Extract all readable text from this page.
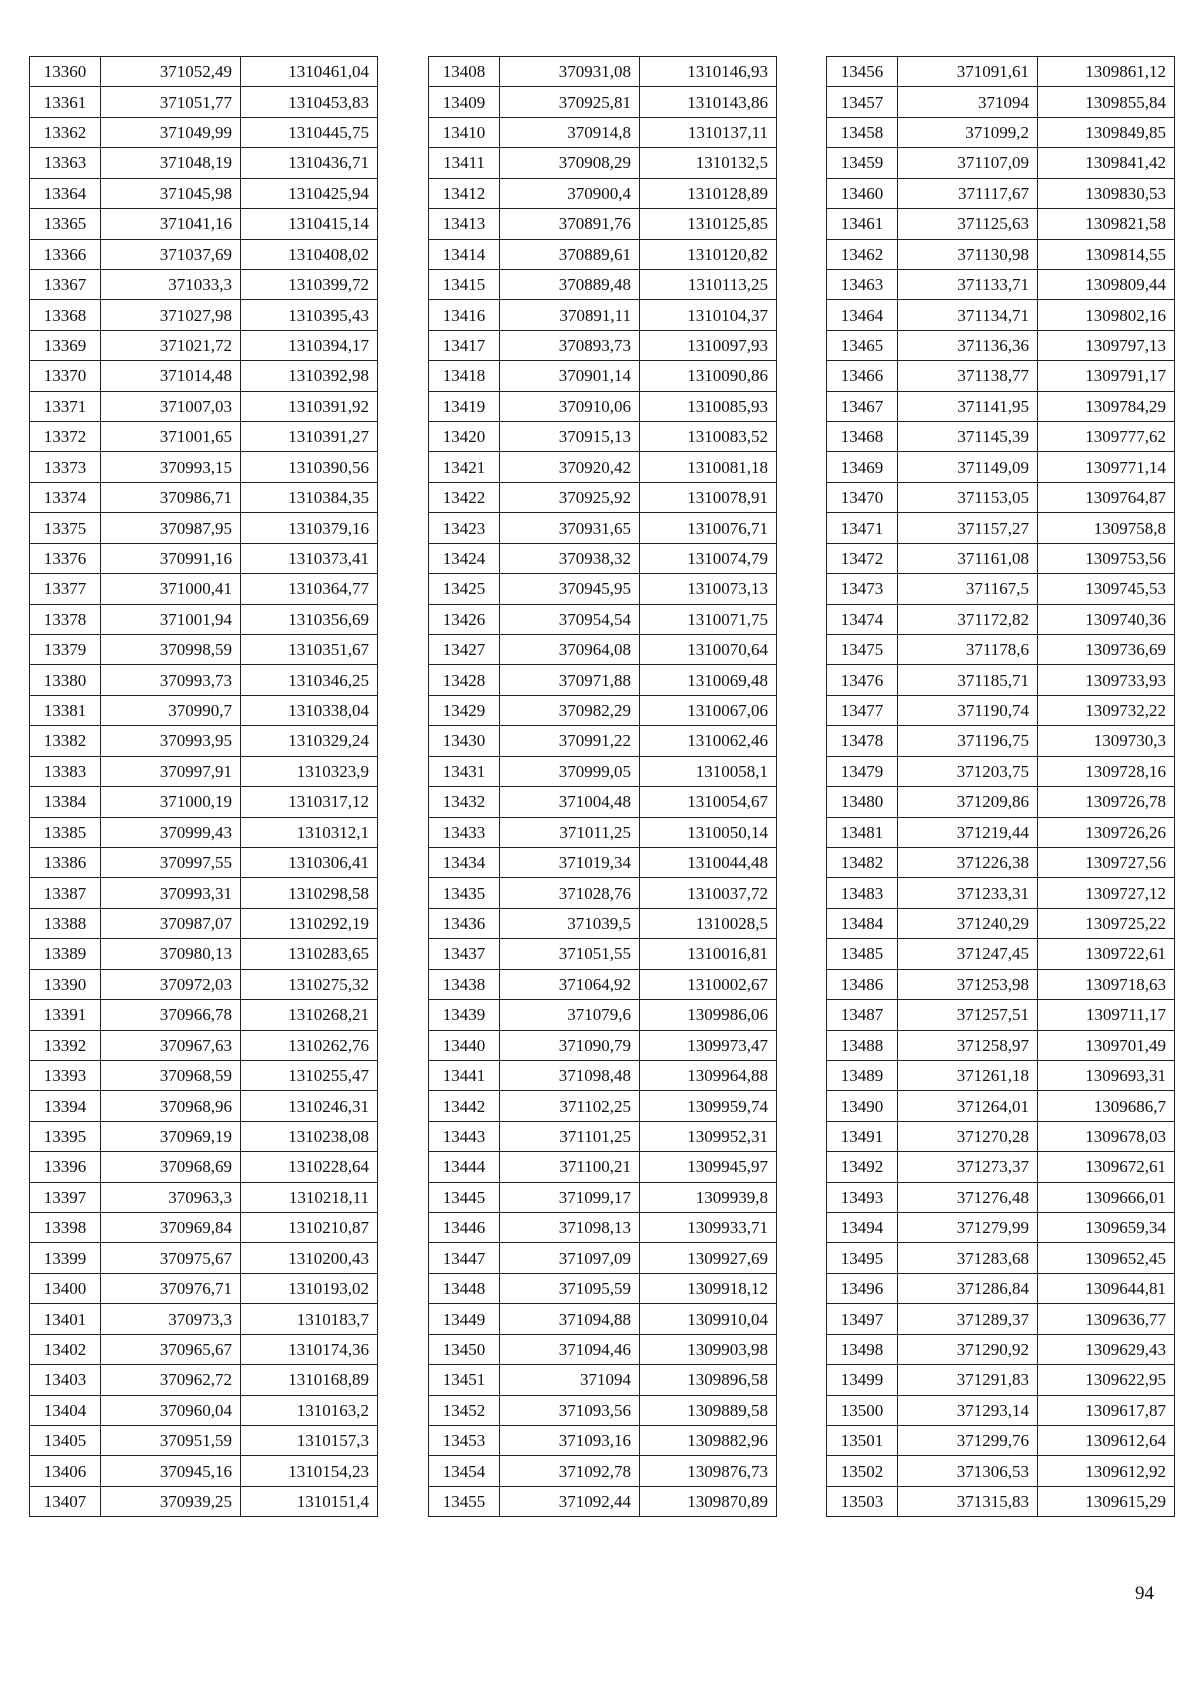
13360	371052,49	1310461,04
13361	371051,77	1310453,83
13362	371049,99	1310445,75
13363	371048,19	1310436,71
13364	371045,98	1310425,94
13365	371041,16	1310415,14
13366	371037,69	1310408,02
13367	371033,3	1310399,72
13368	371027,98	1310395,43
13369	371021,72	1310394,17
13370	371014,48	1310392,98
13371	371007,03	1310391,92
13372	371001,65	1310391,27
13373	370993,15	1310390,56
13374	370986,71	1310384,35
13375	370987,95	1310379,16
13376	370991,16	1310373,41
13377	371000,41	1310364,77
13378	371001,94	1310356,69
13379	370998,59	1310351,67
13380	370993,73	1310346,25
13381	370990,7	1310338,04
13382	370993,95	1310329,24
13383	370997,91	1310323,9
13384	371000,19	1310317,12
13385	370999,43	1310312,1
13386	370997,55	1310306,41
13387	370993,31	1310298,58
13388	370987,07	1310292,19
13389	370980,13	1310283,65
13390	370972,03	1310275,32
13391	370966,78	1310268,21
13392	370967,63	1310262,76
13393	370968,59	1310255,47
13394	370968,96	1310246,31
13395	370969,19	1310238,08
13396	370968,69	1310228,64
13397	370963,3	1310218,11
13398	370969,84	1310210,87
13399	370975,67	1310200,43
13400	370976,71	1310193,02
13401	370973,3	1310183,7
13402	370965,67	1310174,36
13403	370962,72	1310168,89
13404	370960,04	1310163,2
13405	370951,59	1310157,3
13406	370945,16	1310154,23
13407	370939,25	1310151,4
13408	370931,08	1310146,93
13409	370925,81	1310143,86
13410	370914,8	1310137,11
13411	370908,29	1310132,5
13412	370900,4	1310128,89
13413	370891,76	1310125,85
13414	370889,61	1310120,82
13415	370889,48	1310113,25
13416	370891,11	1310104,37
13417	370893,73	1310097,93
13418	370901,14	1310090,86
13419	370910,06	1310085,93
13420	370915,13	1310083,52
13421	370920,42	1310081,18
13422	370925,92	1310078,91
13423	370931,65	1310076,71
13424	370938,32	1310074,79
13425	370945,95	1310073,13
13426	370954,54	1310071,75
13427	370964,08	1310070,64
13428	370971,88	1310069,48
13429	370982,29	1310067,06
13430	370991,22	1310062,46
13431	370999,05	1310058,1
13432	371004,48	1310054,67
13433	371011,25	1310050,14
13434	371019,34	1310044,48
13435	371028,76	1310037,72
13436	371039,5	1310028,5
13437	371051,55	1310016,81
13438	371064,92	1310002,67
13439	371079,6	1309986,06
13440	371090,79	1309973,47
13441	371098,48	1309964,88
13442	371102,25	1309959,74
13443	371101,25	1309952,31
13444	371100,21	1309945,97
13445	371099,17	1309939,8
13446	371098,13	1309933,71
13447	371097,09	1309927,69
13448	371095,59	1309918,12
13449	371094,88	1309910,04
13450	371094,46	1309903,98
13451	371094	1309896,58
13452	371093,56	1309889,58
13453	371093,16	1309882,96
13454	371092,78	1309876,73
13455	371092,44	1309870,89
13456	371091,61	1309861,12
13457	371094	1309855,84
13458	371099,2	1309849,85
13459	371107,09	1309841,42
13460	371117,67	1309830,53
13461	371125,63	1309821,58
13462	371130,98	1309814,55
13463	371133,71	1309809,44
13464	371134,71	1309802,16
13465	371136,36	1309797,13
13466	371138,77	1309791,17
13467	371141,95	1309784,29
13468	371145,39	1309777,62
13469	371149,09	1309771,14
13470	371153,05	1309764,87
13471	371157,27	1309758,8
13472	371161,08	1309753,56
13473	371167,5	1309745,53
13474	371172,82	1309740,36
13475	371178,6	1309736,69
13476	371185,71	1309733,93
13477	371190,74	1309732,22
13478	371196,75	1309730,3
13479	371203,75	1309728,16
13480	371209,86	1309726,78
13481	371219,44	1309726,26
13482	371226,38	1309727,56
13483	371233,31	1309727,12
13484	371240,29	1309725,22
13485	371247,45	1309722,61
13486	371253,98	1309718,63
13487	371257,51	1309711,17
13488	371258,97	1309701,49
13489	371261,18	1309693,31
13490	371264,01	1309686,7
13491	371270,28	1309678,03
13492	371273,37	1309672,61
13493	371276,48	1309666,01
13494	371279,99	1309659,34
13495	371283,68	1309652,45
13496	371286,84	1309644,81
13497	371289,37	1309636,77
13498	371290,92	1309629,43
13499	371291,83	1309622,95
13500	371293,14	1309617,87
13501	371299,76	1309612,64
13502	371306,53	1309612,92
13503	371315,83	1309615,29
94
